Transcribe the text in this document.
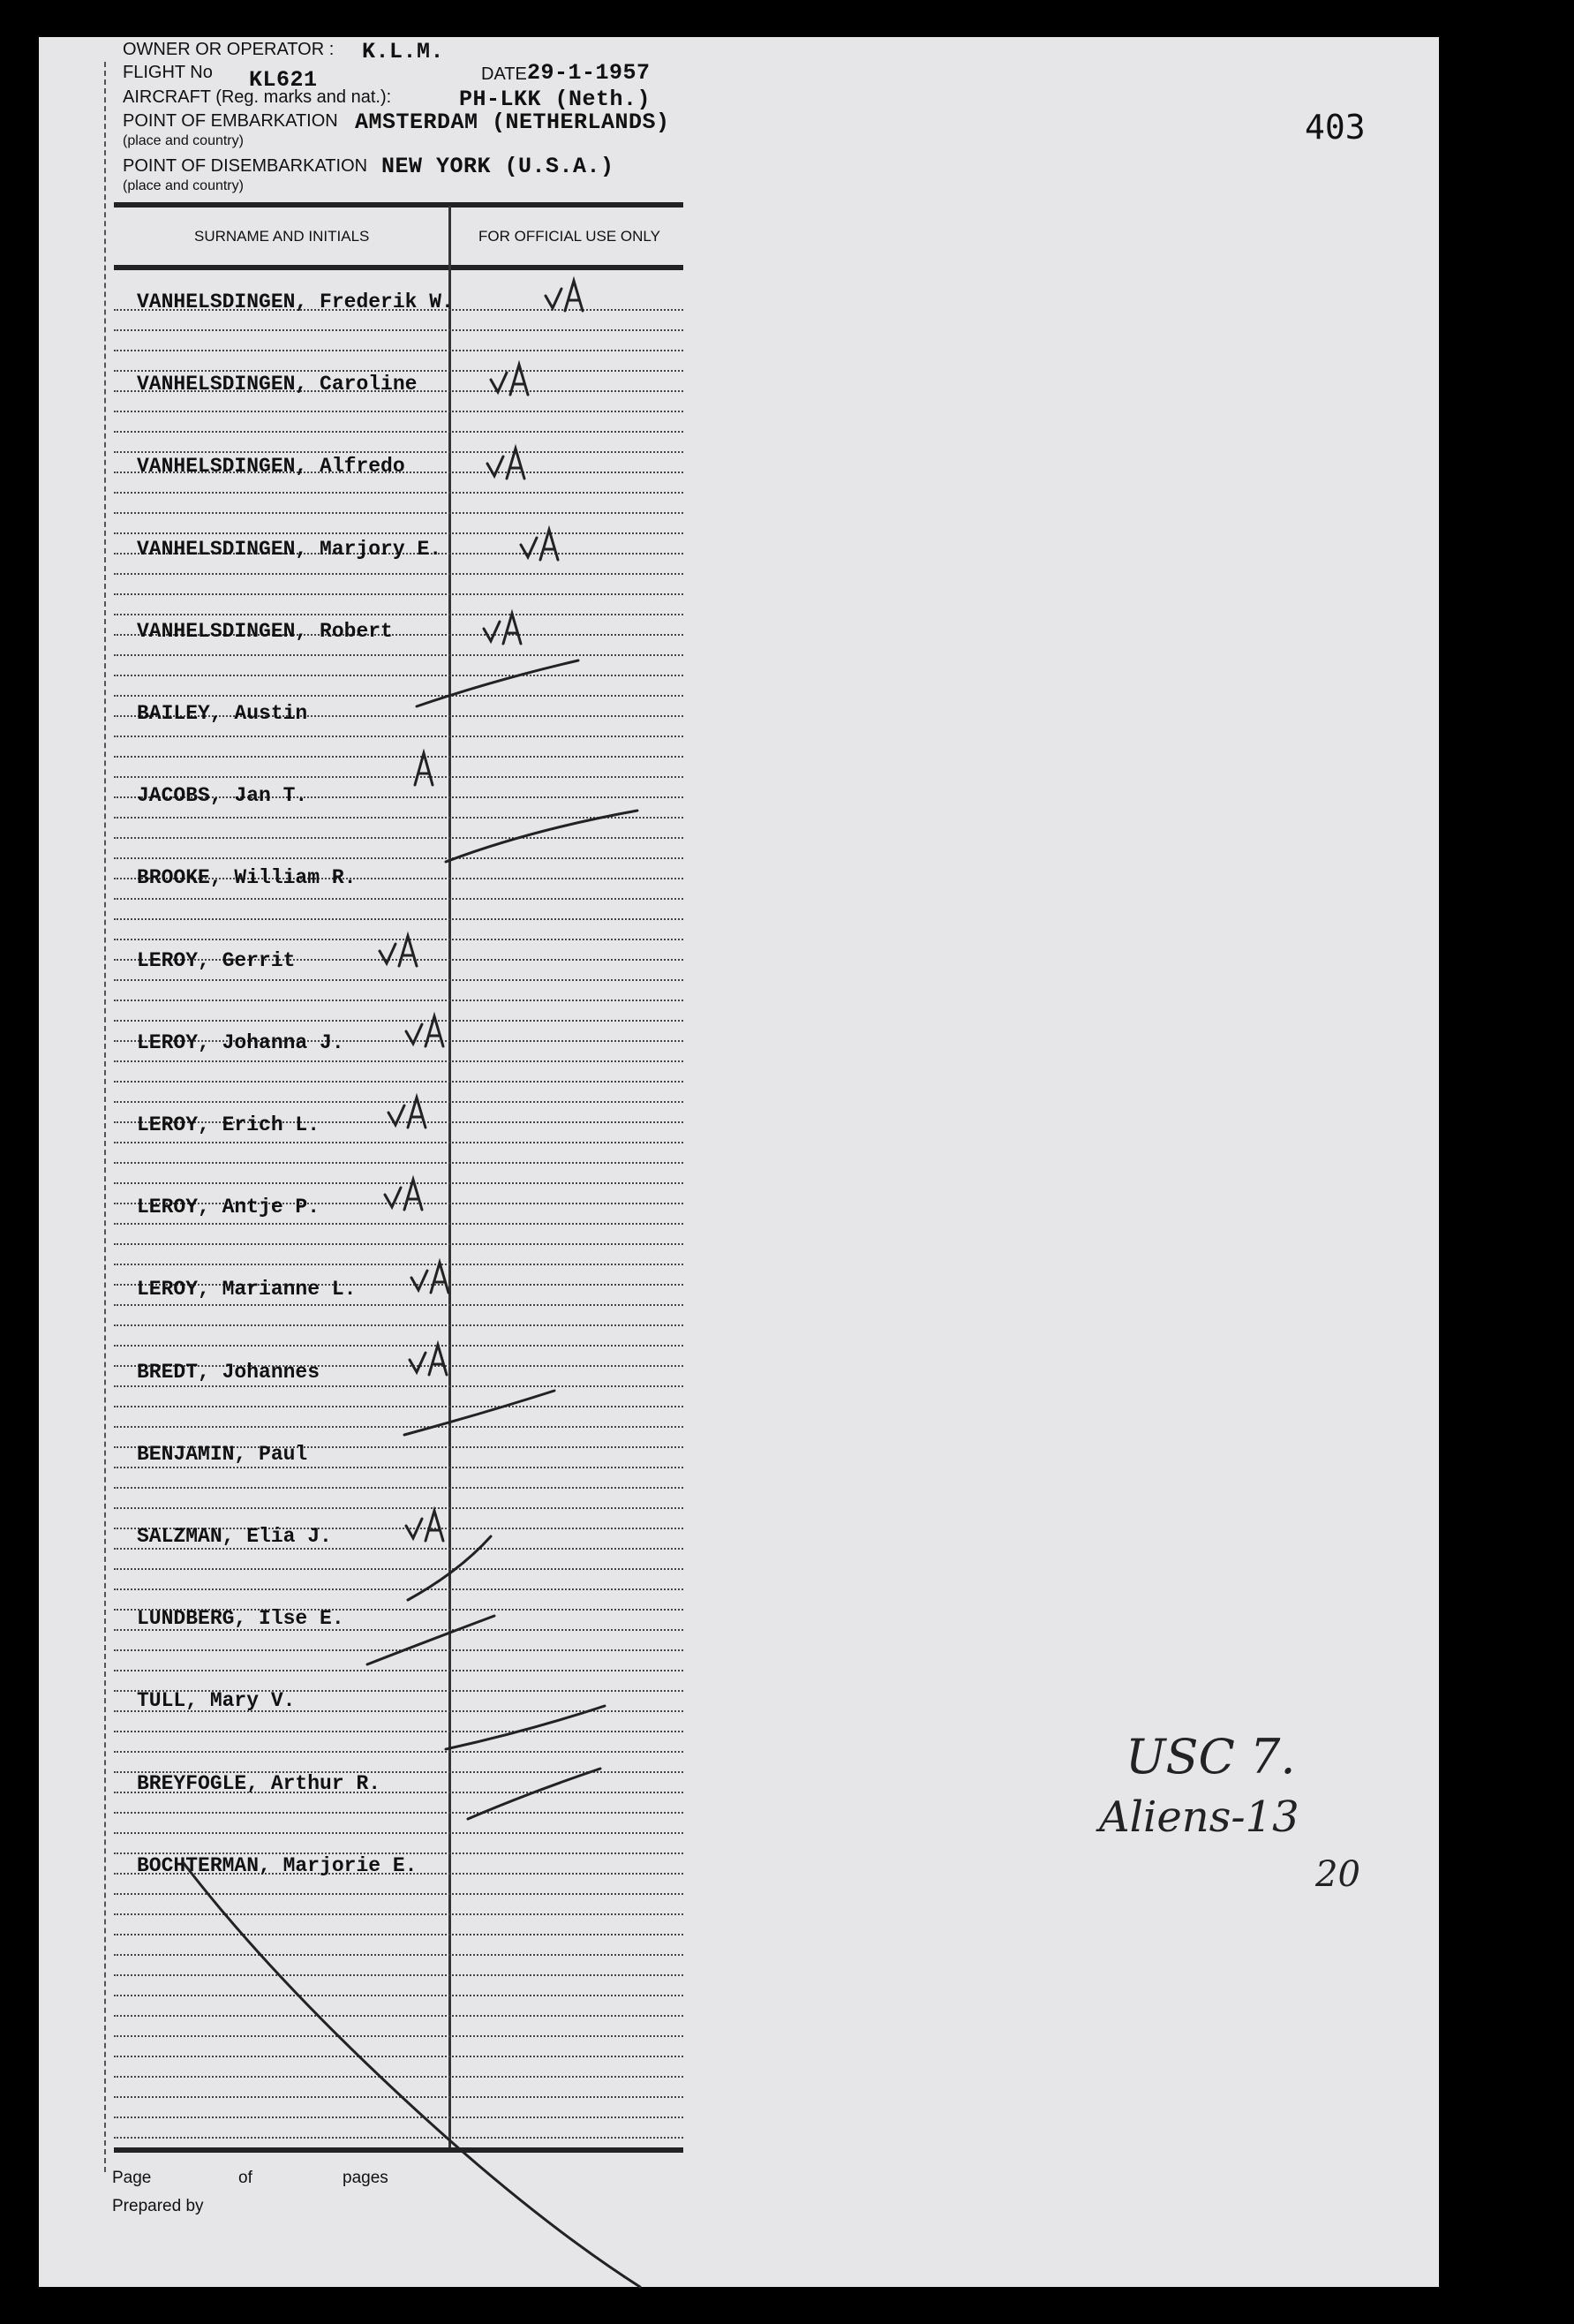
403
OWNER OR OPERATOR : K.L.M.
FLIGHT No KL621	DATE 29-1-1957
AIRCRAFT (Reg. marks and nat.):	PH-LKK (Neth.)
POINT OF EMBARKATION AMSTERDAM (NETHERLANDS)
(place and country)
POINT OF DISEMBARKATION NEW YORK (U.S.A.)
(place and country)
SURNAME AND INITIALS	FOR OFFICIAL USE ONLY
VANHELSDINGEN, Frederik W.
VANHELSDINGEN, Caroline
VANHELSDINGEN, Alfredo
VANHELSDINGEN, Marjory E.
VANHELSDINGEN, Robert
BAILEY, Austin
JACOBS, Jan T.
BROOKE, William R.
LEROY, Gerrit
LEROY, Johanna J.
LEROY, Erich L.
LEROY, Antje P.
LEROY, Marianne L.
BREDT, Johannes
BENJAMIN, Paul
SALZMAN, Elia J.
LUNDBERG, Ilse E.
TULL, Mary V.
BREYFOGLE, Arthur R.
BOCHTERMAN, Marjorie E.
Page	of	pages
Prepared by
USC 7.
Aliens-13
20
